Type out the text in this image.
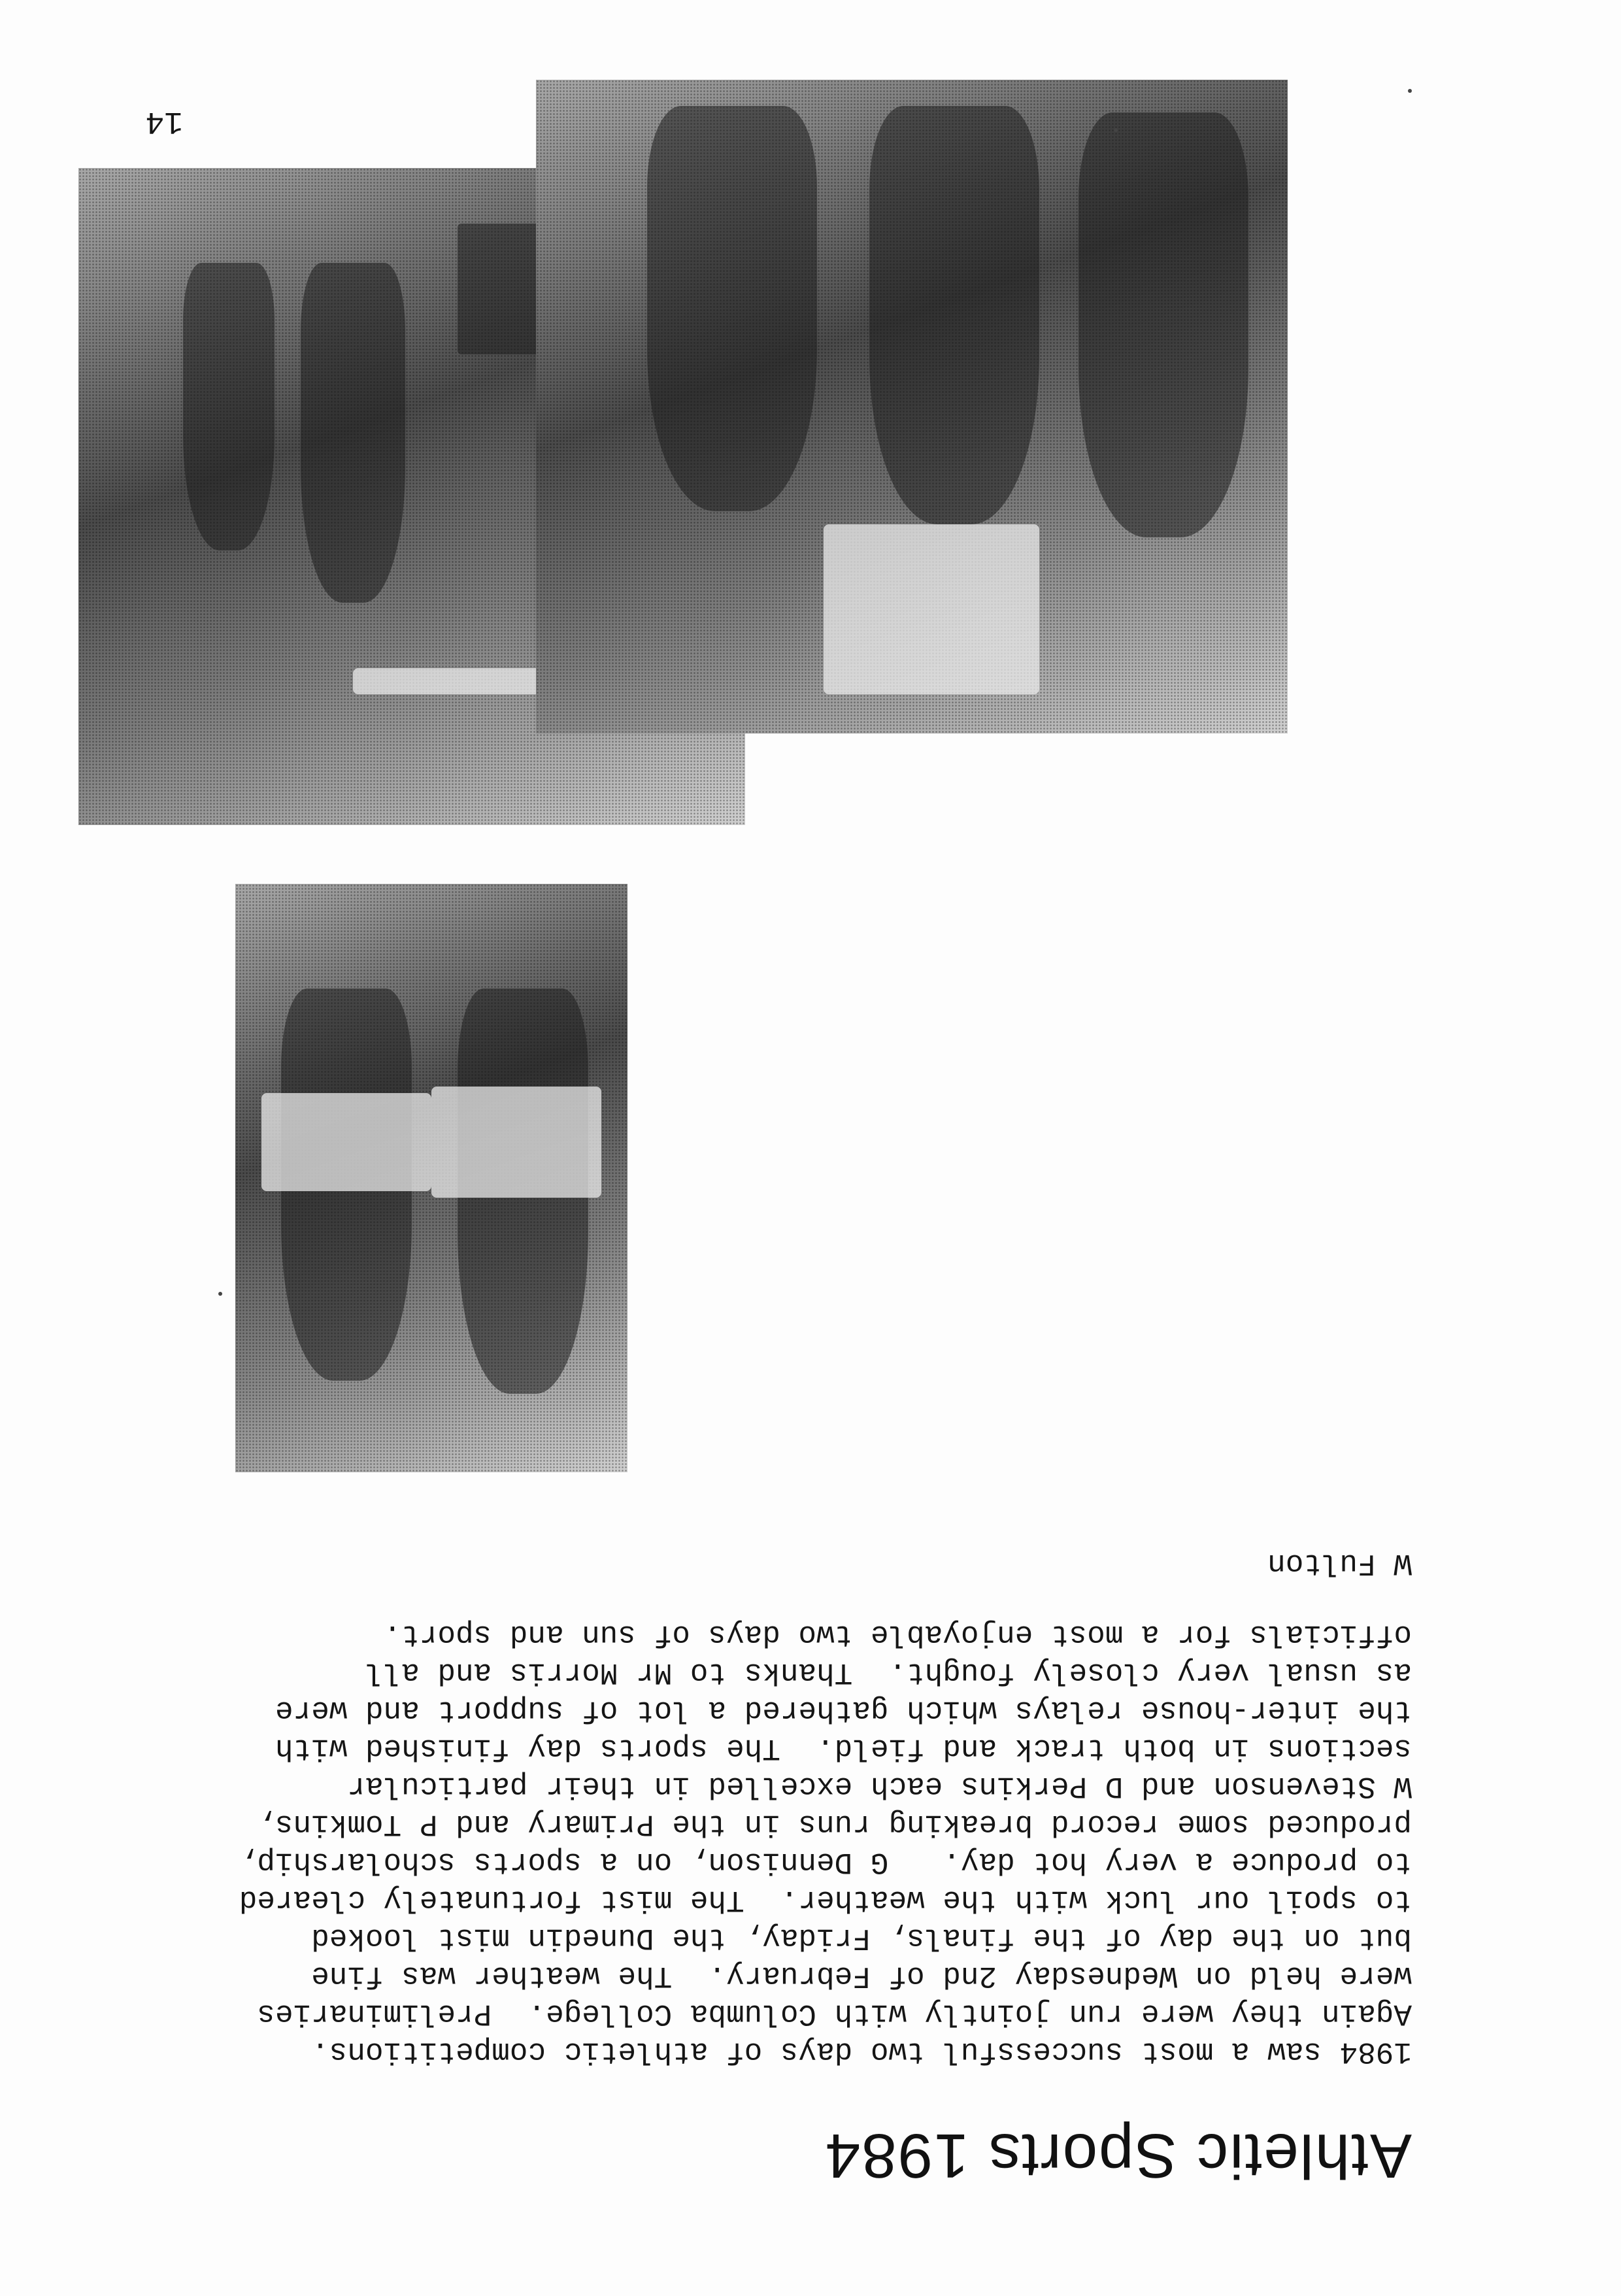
Athletic Sports 1984
1984 saw a most successful two days of athletic competitions.
Again they were run jointly with Columba College.  Preliminaries
were held on Wednesday 2nd of February.  The weather was fine
but on the day of the finals, Friday, the Dunedin mist looked
to spoil our luck with the weather.  The mist fortunately cleared
to produce a very hot day.   G Dennison, on a sports scholarship,
produced some record breaking runs in the Primary and P Tomkins,
W Stevenson and D Perkins each excelled in their particular
sections in both track and field.  The sports day finished with
the inter-house relays which gathered a lot of support and were
as usual very closely fought.  Thanks to Mr Morris and all
officials for a most enjoyable two days of sun and sport.
W Fulton
14
